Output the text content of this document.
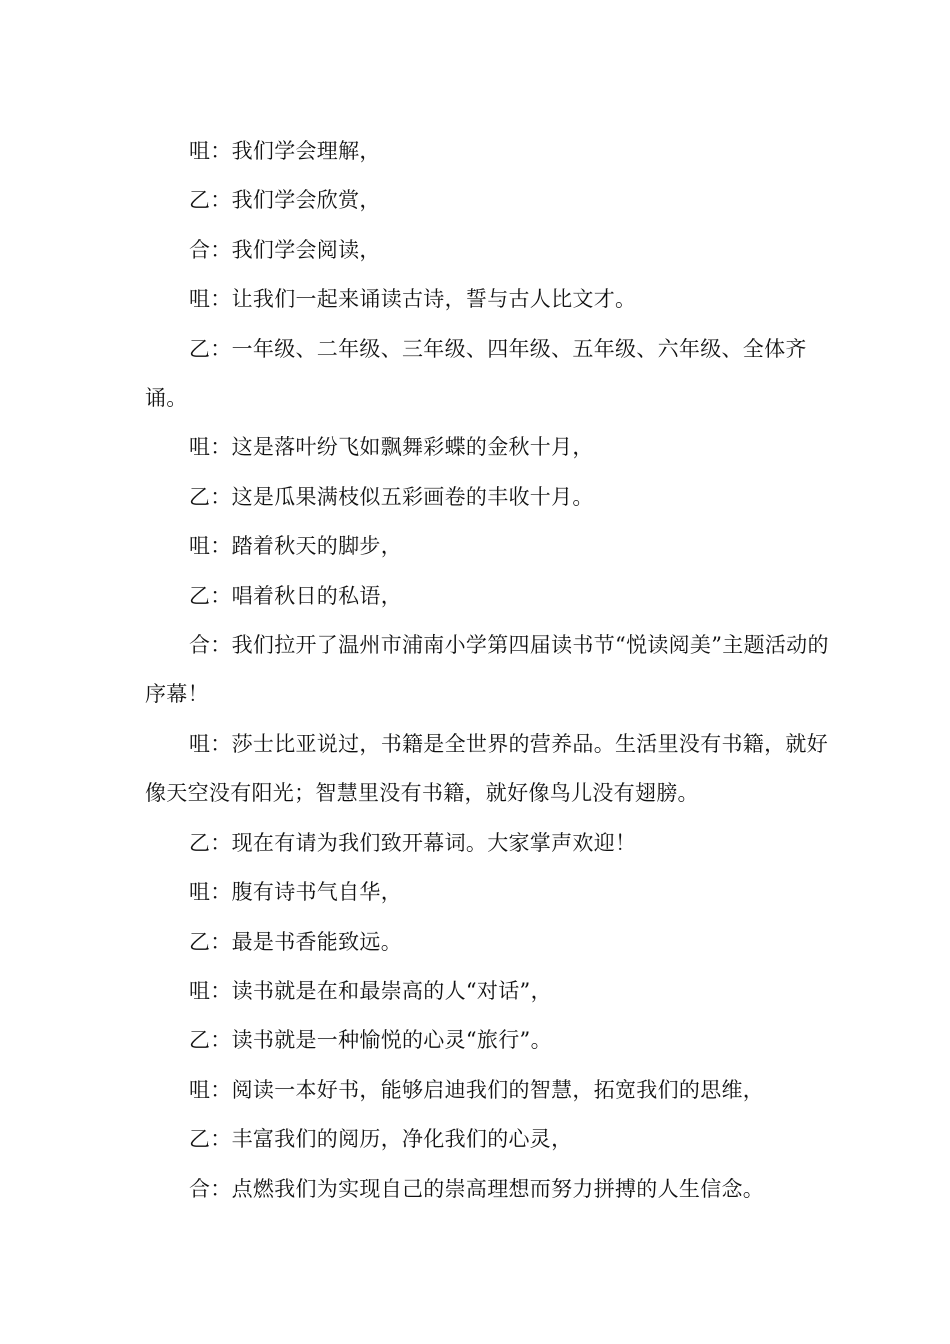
咀：我们学会理解，

乙：我们学会欣赏，

合：我们学会阅读，

咀：让我们一起来诵读古诗，誓与古人比文才。

乙：一年级、二年级、三年级、四年级、五年级、六年级、全体齐诵。

咀：这是落叶纷飞如飘舞彩蝶的金秋十月，

乙：这是瓜果满枝似五彩画卷的丰收十月。

咀：踏着秋天的脚步，

乙：唱着秋日的私语，

合：我们拉开了温州市浦南小学第四届读书节“悦读阅美”主题活动的序幕！

咀：莎士比亚说过，书籍是全世界的营养品。生活里没有书籍，就好像天空没有阳光；智慧里没有书籍，就好像鸟儿没有翅膀。

乙：现在有请为我们致开幕词。大家掌声欢迎！

咀：腹有诗书气自华，

乙：最是书香能致远。

咀：读书就是在和最崇高的人“对话”，

乙：读书就是一种愉悦的心灵“旅行”。

咀：阅读一本好书，能够启迪我们的智慧，拓宽我们的思维，

乙：丰富我们的阅历，净化我们的心灵，

合：点燃我们为实现自己的崇高理想而努力拼搏的人生信念。
